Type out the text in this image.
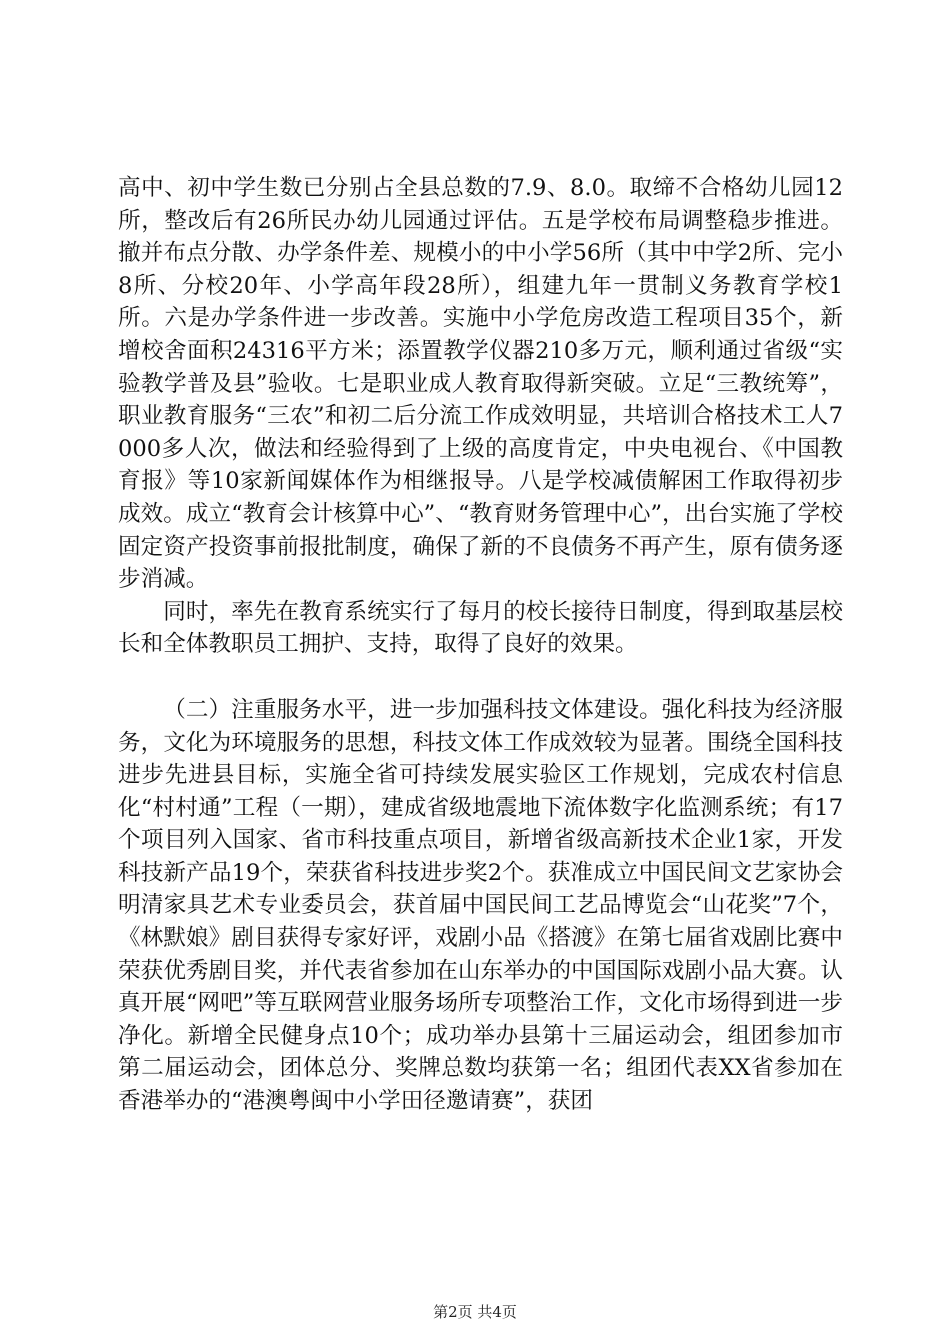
高中、初中学生数已分别占全县总数的7.9、8.0。取缔不合格幼儿园12所，整改后有26所民办幼儿园通过评估。五是学校布局调整稳步推进。撤并布点分散、办学条件差、规模小的中小学56所（其中中学2所、完小8所、分校20年、小学高年段28所），组建九年一贯制义务教育学校1所。六是办学条件进一步改善。实施中小学危房改造工程项目35个，新增校舍面积24316平方米；添置教学仪器210多万元，顺利通过省级“实验教学普及县”验收。七是职业成人教育取得新突破。立足“三教统筹”，职业教育服务“三农”和初二后分流工作成效明显，共培训合格技术工人7000多人次，做法和经验得到了上级的高度肯定，中央电视台、《中国教育报》等10家新闻媒体作为相继报导。八是学校减债解困工作取得初步成效。成立“教育会计核算中心”、“教育财务管理中心”，出台实施了学校固定资产投资事前报批制度，确保了新的不良债务不再产生，原有债务逐步消减。

同时，率先在教育系统实行了每月的校长接待日制度，得到取基层校长和全体教职员工拥护、支持，取得了良好的效果。

（二）注重服务水平，进一步加强科技文体建设。强化科技为经济服务，文化为环境服务的思想，科技文体工作成效较为显著。围绕全国科技进步先进县目标，实施全省可持续发展实验区工作规划，完成农村信息化“村村通”工程（一期），建成省级地震地下流体数字化监测系统；有17个项目列入国家、省市科技重点项目，新增省级高新技术企业1家，开发科技新产品19个，荣获省科技进步奖2个。获准成立中国民间文艺家协会明清家具艺术专业委员会，获首届中国民间工艺品博览会“山花奖”7个，《林默娘》剧目获得专家好评，戏剧小品《搭渡》在第七届省戏剧比赛中荣获优秀剧目奖，并代表省参加在山东举办的中国国际戏剧小品大赛。认真开展“网吧”等互联网营业服务场所专项整治工作，文化市场得到进一步净化。新增全民健身点10个；成功举办县第十三届运动会，组团参加市第二届运动会，团体总分、奖牌总数均获第一名；组团代表XX省参加在香港举办的“港澳粤闽中小学田径邀请赛”，获团

第2页 共4页
